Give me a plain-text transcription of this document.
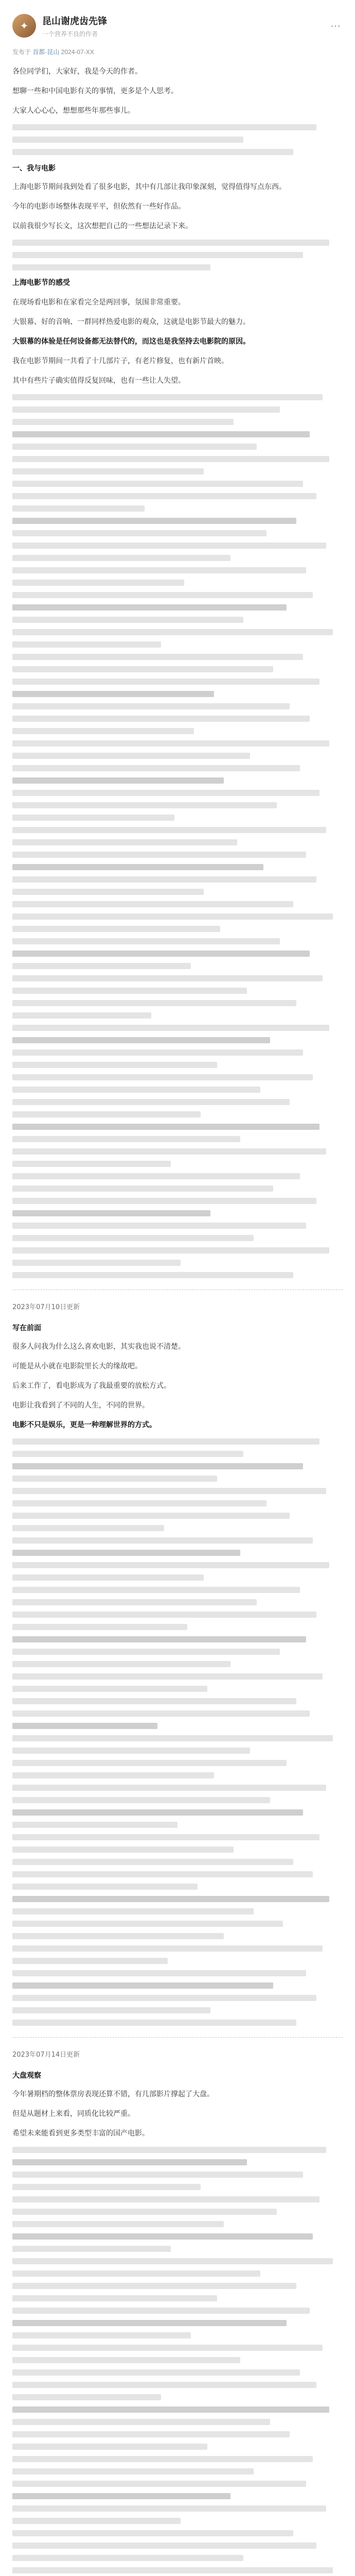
✦	昆山谢虎齿先锋
一个营养不良的作者
⋯
发布于 首都·昆山 2024-07-XX

各位同学们，大家好，我是今天的作者。

想聊一些和中国电影有关的事情，更多是个人思考。

大家人心心心，想想那些年那些事儿。

一、我与电影

上海电影节期间我到处看了很多电影，其中有几部让我印象深刻，觉得值得写点东西。

今年的电影市场整体表现平平，但依然有一些好作品。

以前我很少写长文，这次想把自己的一些想法记录下来。

上海电影节的感受

在现场看电影和在家看完全是两回事，氛围非常重要。

大银幕、好的音响、一群同样热爱电影的观众，这就是电影节最大的魅力。

大银幕的体验是任何设备都无法替代的，而这也是我坚持去电影院的原因。

我在电影节期间一共看了十几部片子，有老片修复，也有新片首映。

其中有些片子确实值得反复回味，也有一些让人失望。

2023年07月10日更新
写在前面

很多人问我为什么这么喜欢电影，其实我也说不清楚。

可能是从小就在电影院里长大的缘故吧。

后来工作了，看电影成为了我最重要的放松方式。

电影让我看到了不同的人生，不同的世界。

电影不只是娱乐，更是一种理解世界的方式。

2023年07月14日更新
大盘观察

今年暑期档的整体票房表现还算不错，有几部影片撑起了大盘。

但是从题材上来看，同质化比较严重。

希望未来能看到更多类型丰富的国产电影。
